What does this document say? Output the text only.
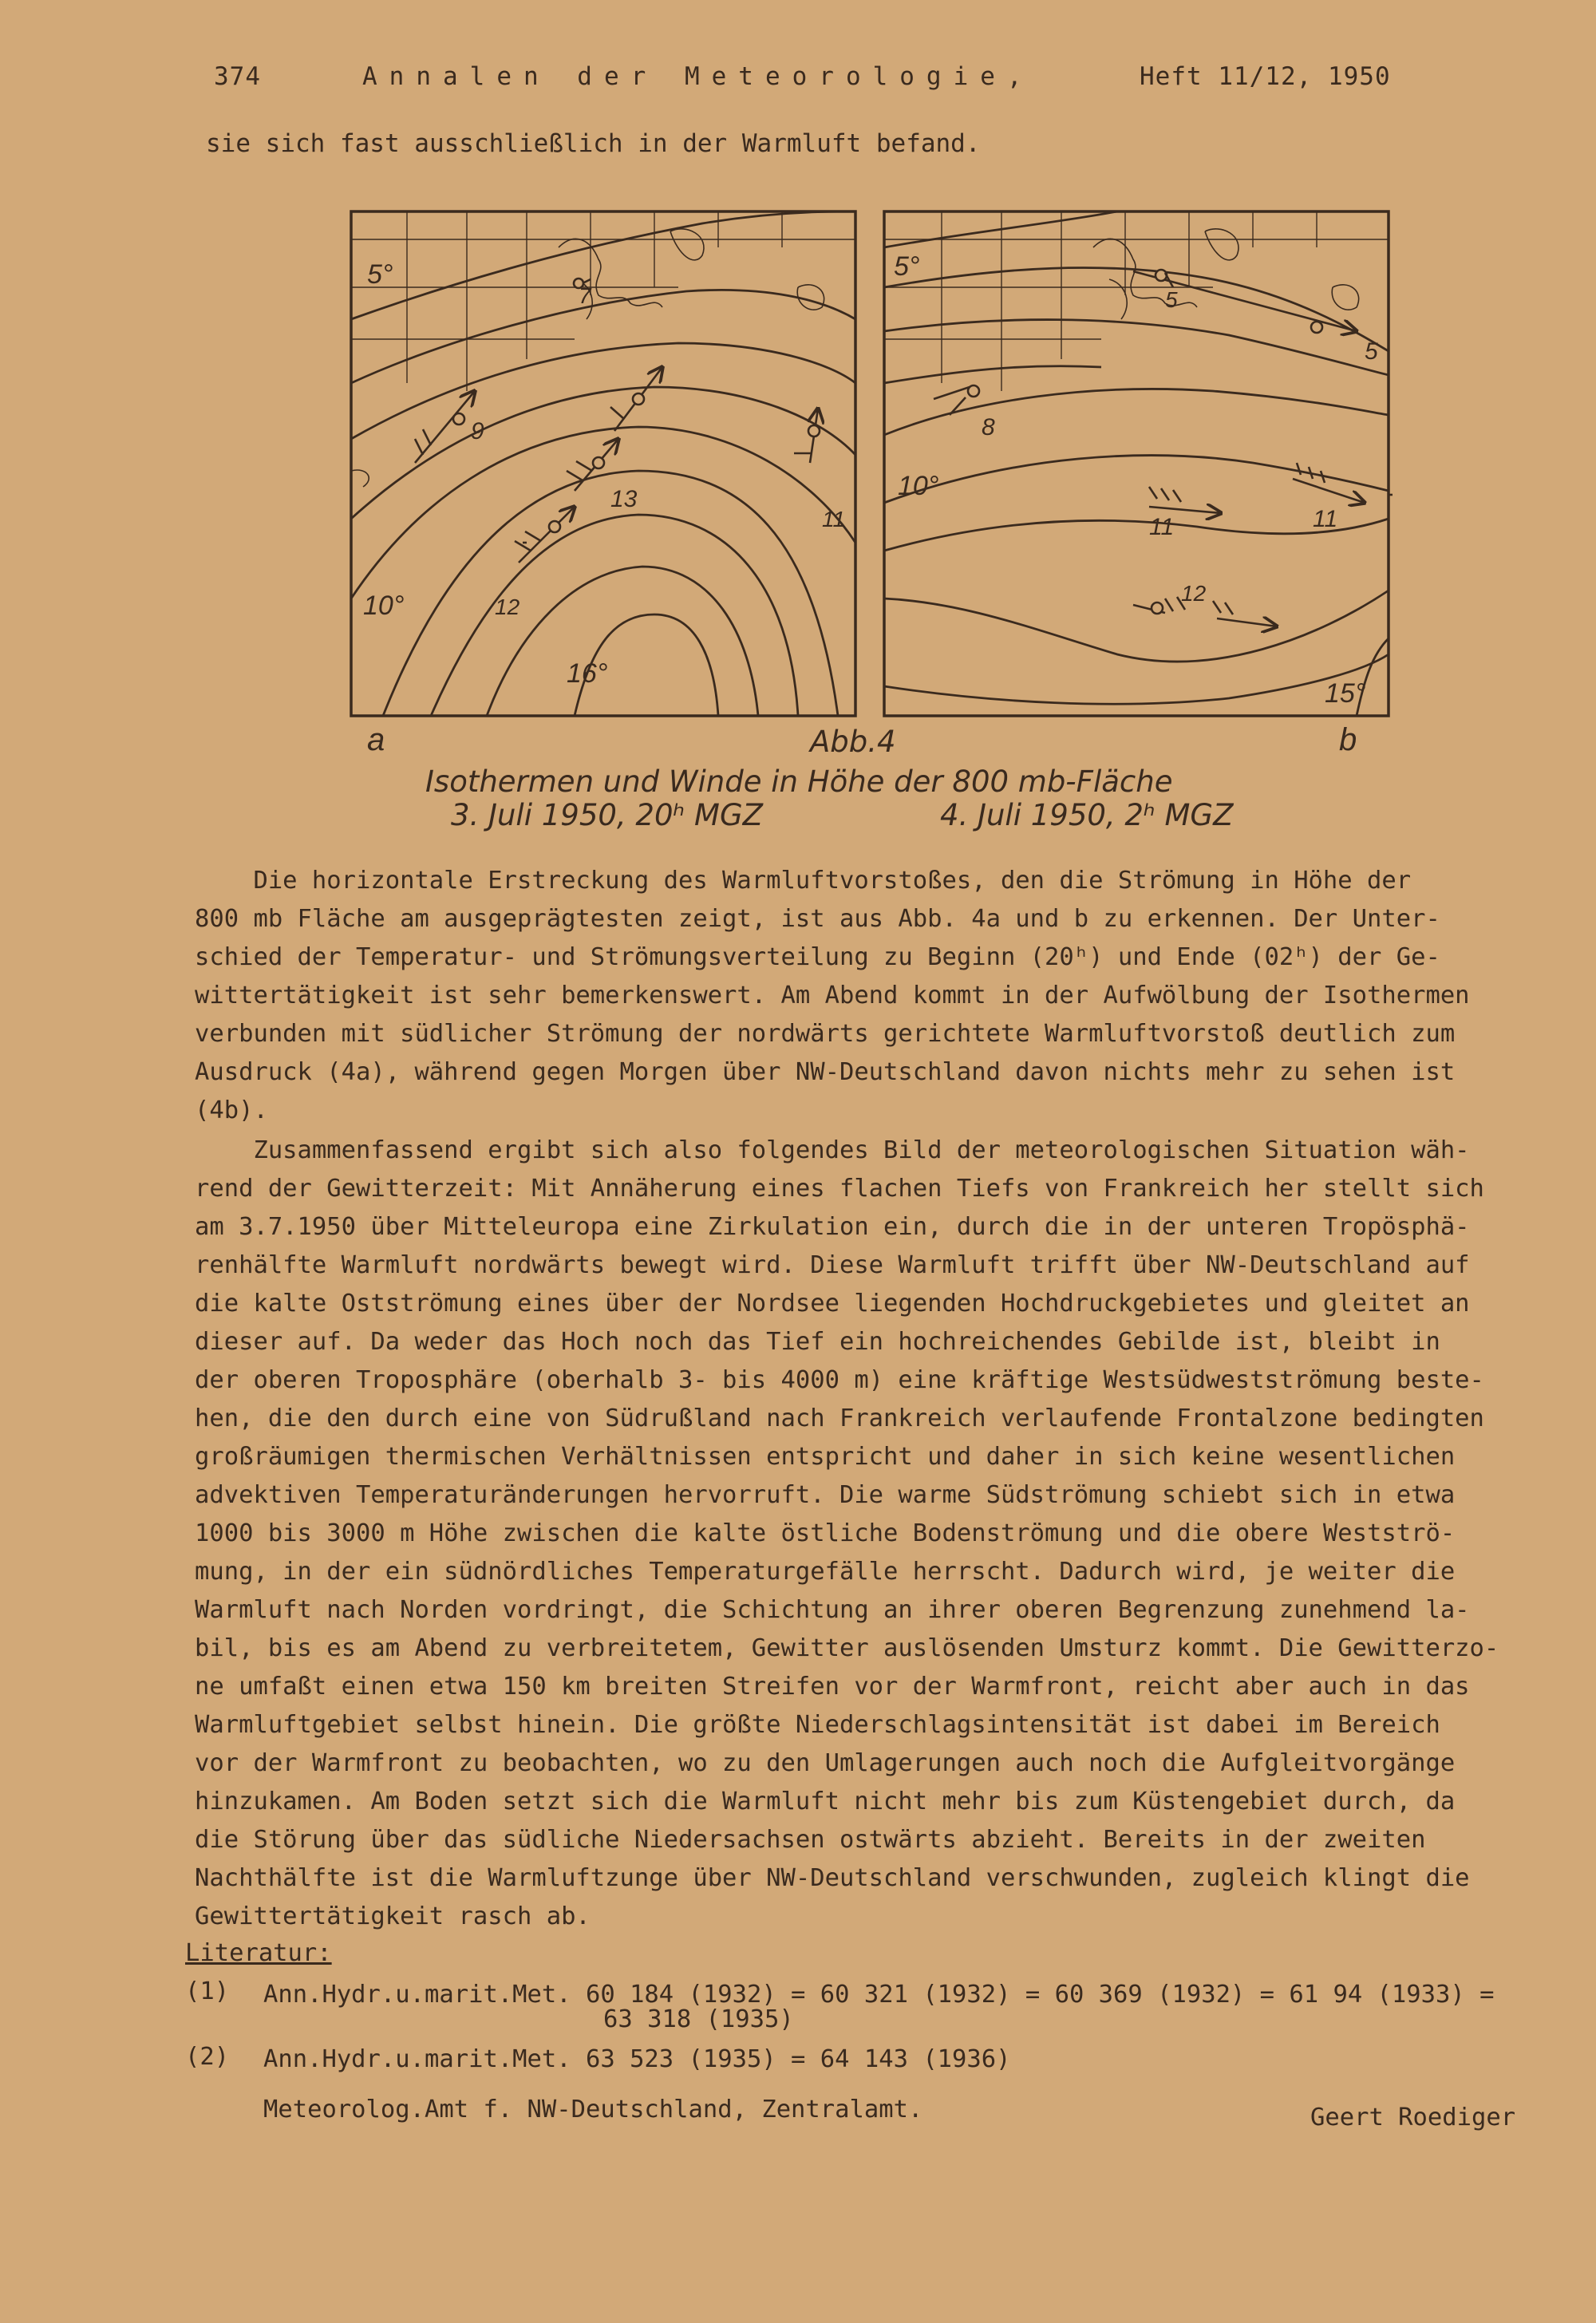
374	Annalen der Meteorologie,	Heft 11/12, 1950
sie sich fast ausschließlich in der Warmluft befand.
5°
10°
16°
7
9
13
12
11
a
5°
10°
15°
5
5
8
11	11
12
b
Abb.4
Isothermen und Winde in Höhe der 800 mb-Fläche
3. Juli 1950, 20ʰ MGZ	4. Juli 1950, 2ʰ MGZ

Die horizontale Erstreckung des Warmluftvorstoßes, den die Strömung in Höhe der

800 mb Fläche am ausgeprägtesten zeigt, ist aus Abb. 4a und b zu erkennen. Der Unter-

schied der Temperatur- und Strömungsverteilung zu Beginn (20ʰ) und Ende (02ʰ) der Ge-

wittertätigkeit ist sehr bemerkenswert. Am Abend kommt in der Aufwölbung der Isothermen

verbunden mit südlicher Strömung der nordwärts gerichtete Warmluftvorstoß deutlich zum

Ausdruck (4a), während gegen Morgen über NW-Deutschland davon nichts mehr zu sehen ist

(4b).

Zusammenfassend ergibt sich also folgendes Bild der meteorologischen Situation wäh-

rend der Gewitterzeit: Mit Annäherung eines flachen Tiefs von Frankreich her stellt sich

am 3.7.1950 über Mitteleuropa eine Zirkulation ein, durch die in der unteren Tropösphä-

renhälfte Warmluft nordwärts bewegt wird. Diese Warmluft trifft über NW-Deutschland auf

die kalte Ostströmung eines über der Nordsee liegenden Hochdruckgebietes und gleitet an

dieser auf. Da weder das Hoch noch das Tief ein hochreichendes Gebilde ist, bleibt in

der oberen Troposphäre (oberhalb 3- bis 4000 m) eine kräftige Westsüdwestströmung beste-

hen, die den durch eine von Südrußland nach Frankreich verlaufende Frontalzone bedingten

großräumigen thermischen Verhältnissen entspricht und daher in sich keine wesentlichen

advektiven Temperaturänderungen hervorruft. Die warme Südströmung schiebt sich in etwa

1000 bis 3000 m Höhe zwischen die kalte östliche Bodenströmung und die obere Westströ-

mung, in der ein südnördliches Temperaturgefälle herrscht. Dadurch wird, je weiter die

Warmluft nach Norden vordringt, die Schichtung an ihrer oberen Begrenzung zunehmend la-

bil, bis es am Abend zu verbreitetem, Gewitter auslösenden Umsturz kommt. Die Gewitterzo-

ne umfaßt einen etwa 150 km breiten Streifen vor der Warmfront, reicht aber auch in das

Warmluftgebiet selbst hinein. Die größte Niederschlagsintensität ist dabei im Bereich

vor der Warmfront zu beobachten, wo zu den Umlagerungen auch noch die Aufgleitvorgänge

hinzukamen. Am Boden setzt sich die Warmluft nicht mehr bis zum Küstengebiet durch, da

die Störung über das südliche Niedersachsen ostwärts abzieht. Bereits in der zweiten

Nachthälfte ist die Warmluftzunge über NW-Deutschland verschwunden, zugleich klingt die

Gewittertätigkeit rasch ab.

Literatur:
(1) Ann.Hydr.u.marit.Met. 60 184 (1932) = 60 321 (1932) = 60 369 (1932) = 61 94 (1933) =
63 318 (1935)
(2) Ann.Hydr.u.marit.Met. 63 523 (1935) = 64 143 (1936)
Meteorolog.Amt f. NW-Deutschland, Zentralamt.	Geert Roediger
